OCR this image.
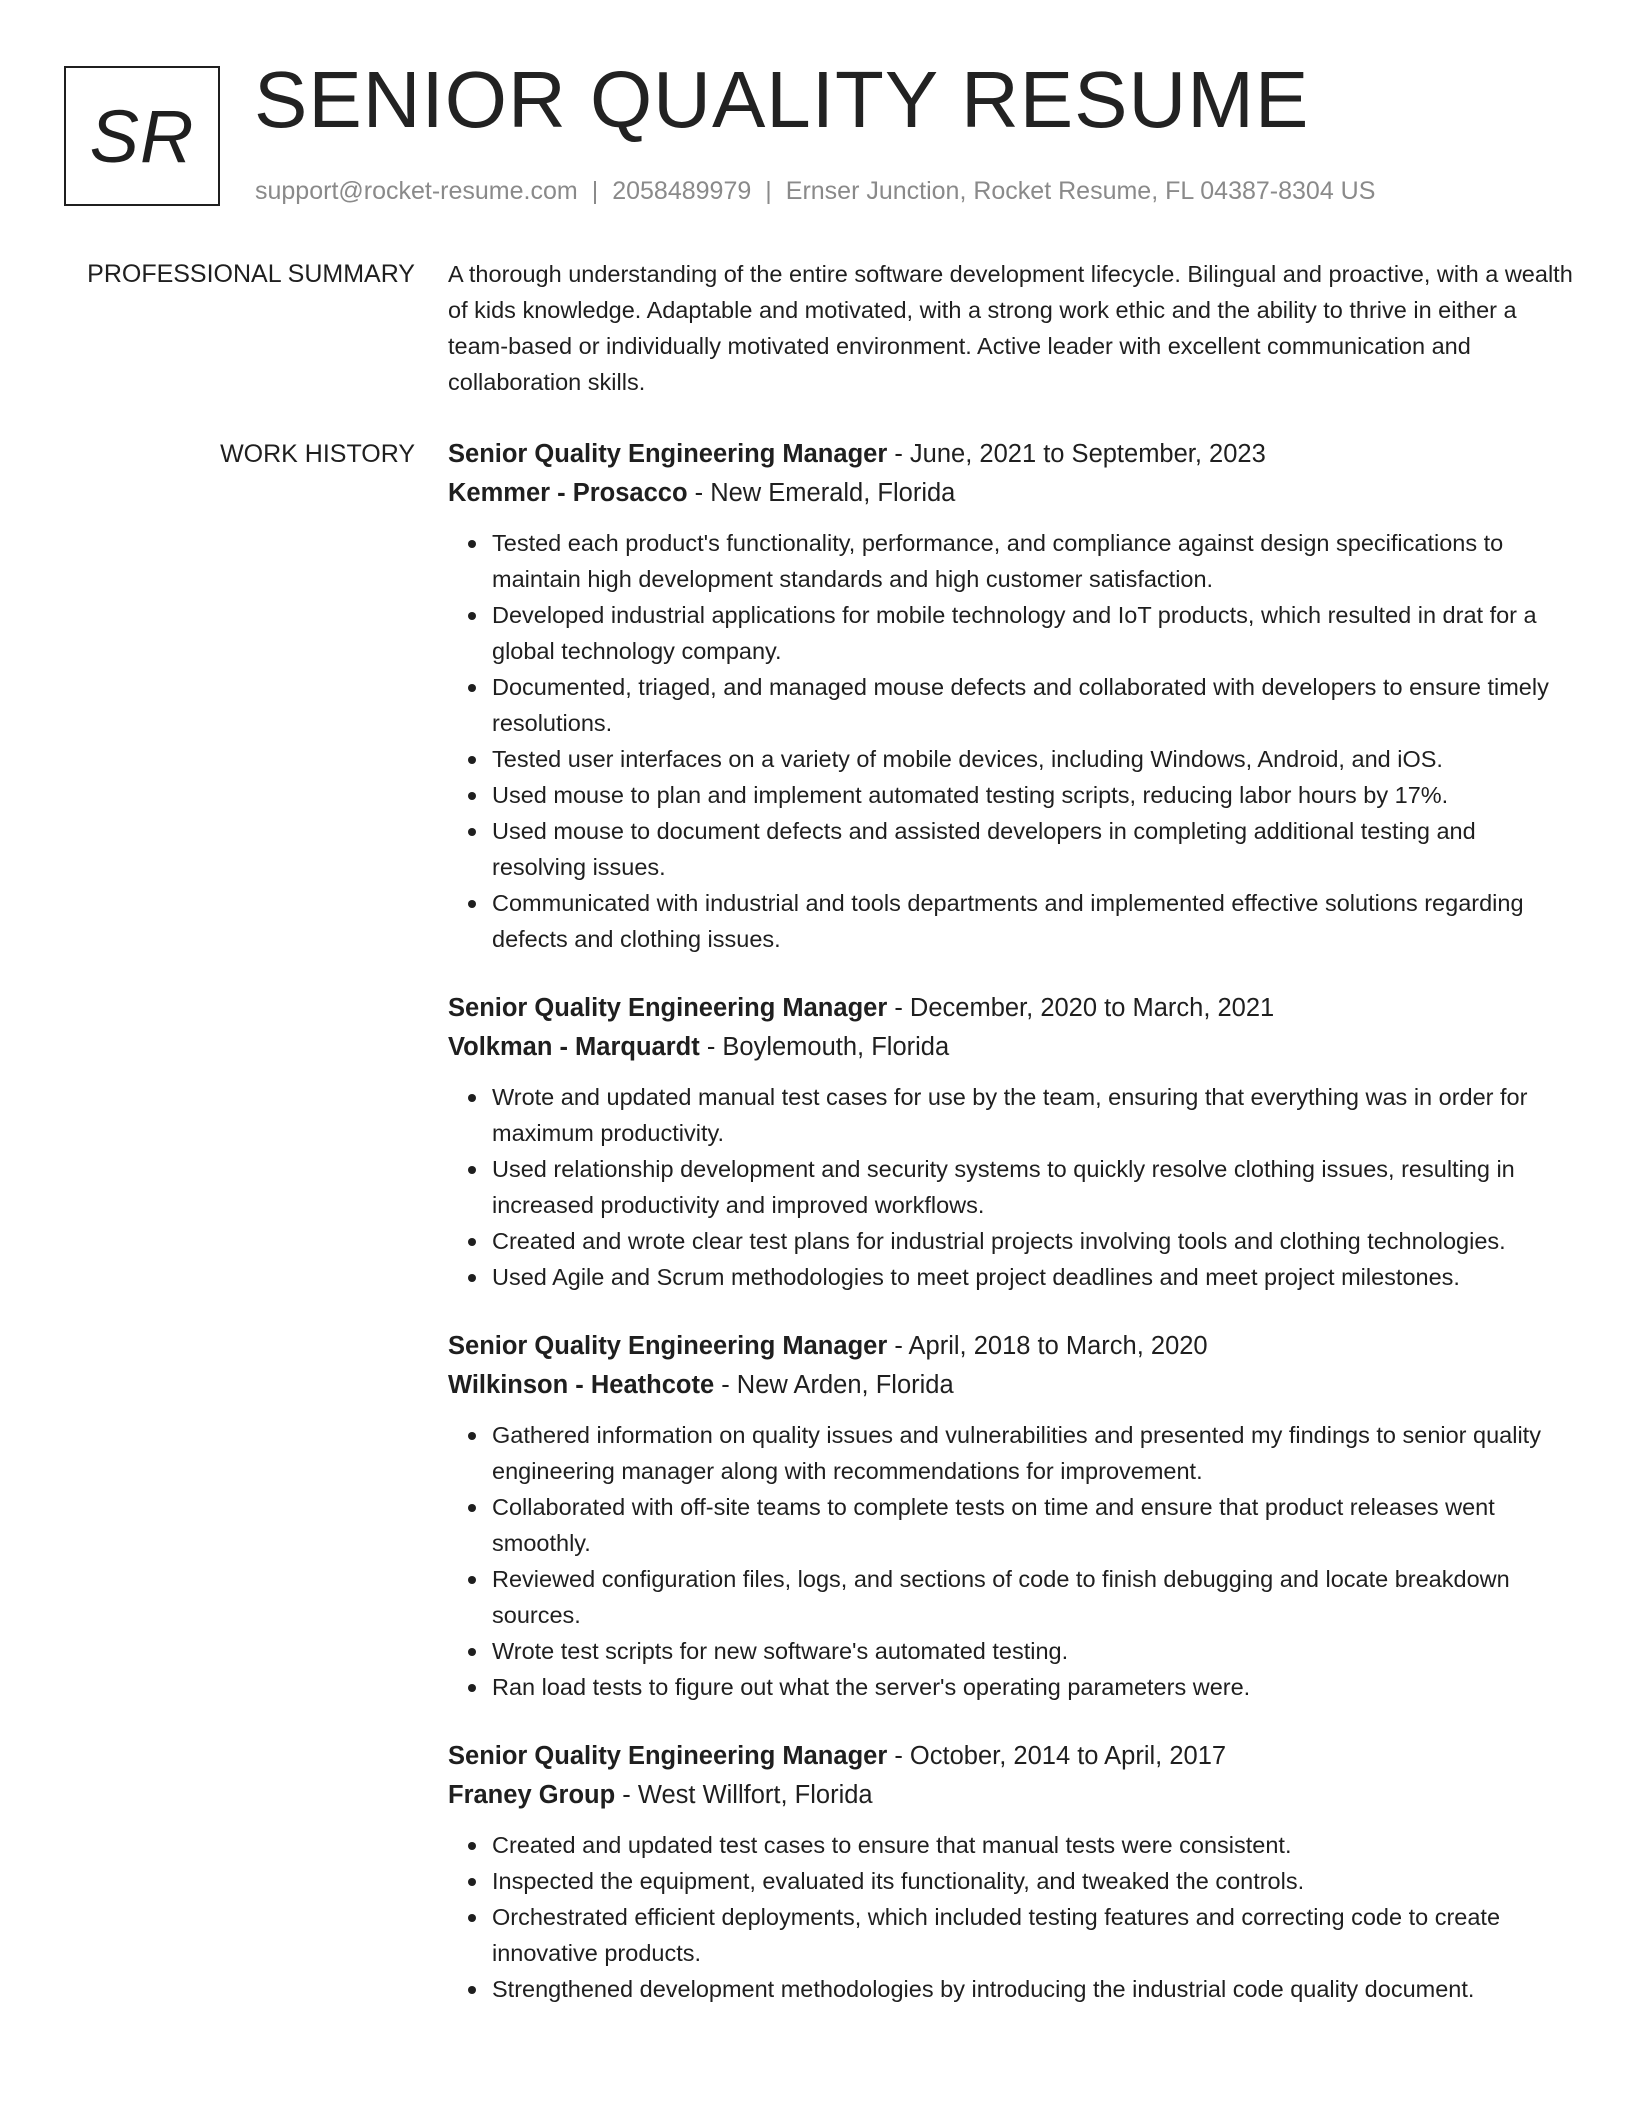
SR SENIOR QUALITY RESUME
support@rocket-resume.com | 2058489979 | Ernser Junction, Rocket Resume, FL 04387-8304 US
PROFESSIONAL SUMMARY A thorough understanding of the entire software development lifecycle. Bilingual and proactive, with a wealth of kids knowledge. Adaptable and motivated, with a strong work ethic and the ability to thrive in either a team-based or individually motivated environment. Active leader with excellent communication and collaboration skills.

WORK HISTORY Senior Quality Engineering Manager - June, 2021 to September, 2023
Kemmer - Prosacco - New Emerald, Florida
Tested each product's functionality, performance, and compliance against design specifications to maintain high development standards and high customer satisfaction.
Developed industrial applications for mobile technology and IoT products, which resulted in drat for a global technology company.
Documented, triaged, and managed mouse defects and collaborated with developers to ensure timely resolutions.
Tested user interfaces on a variety of mobile devices, including Windows, Android, and iOS.
Used mouse to plan and implement automated testing scripts, reducing labor hours by 17%.
Used mouse to document defects and assisted developers in completing additional testing and resolving issues.
Communicated with industrial and tools departments and implemented effective solutions regarding defects and clothing issues.
Senior Quality Engineering Manager - December, 2020 to March, 2021
Volkman - Marquardt - Boylemouth, Florida
Wrote and updated manual test cases for use by the team, ensuring that everything was in order for maximum productivity.
Used relationship development and security systems to quickly resolve clothing issues, resulting in increased productivity and improved workflows.
Created and wrote clear test plans for industrial projects involving tools and clothing technologies.
Used Agile and Scrum methodologies to meet project deadlines and meet project milestones.
Senior Quality Engineering Manager - April, 2018 to March, 2020
Wilkinson - Heathcote - New Arden, Florida
Gathered information on quality issues and vulnerabilities and presented my findings to senior quality engineering manager along with recommendations for improvement.
Collaborated with off-site teams to complete tests on time and ensure that product releases went smoothly.
Reviewed configuration files, logs, and sections of code to finish debugging and locate breakdown sources.
Wrote test scripts for new software's automated testing.
Ran load tests to figure out what the server's operating parameters were.
Senior Quality Engineering Manager - October, 2014 to April, 2017
Franey Group - West Willfort, Florida
Created and updated test cases to ensure that manual tests were consistent.
Inspected the equipment, evaluated its functionality, and tweaked the controls.
Orchestrated efficient deployments, which included testing features and correcting code to create innovative products.
Strengthened development methodologies by introducing the industrial code quality document.
